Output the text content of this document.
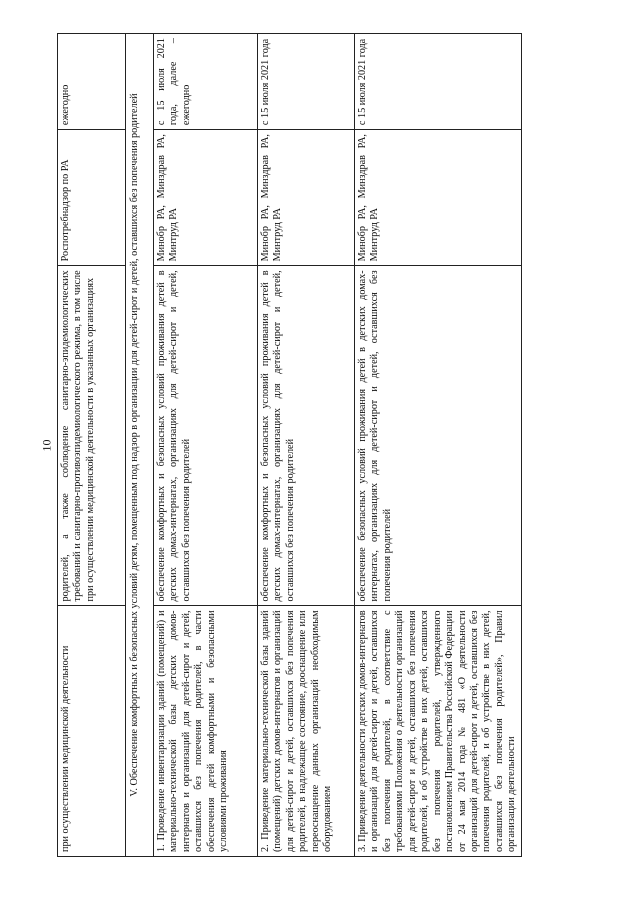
10
при осуществлении медицинской деятельности	родителей, а также соблюдение санитарно-эпидемиологических требований и санитарно-противоэпидемиологического режима, в том числе при осуществлении медицинской деятельности в указанных организациях	Роспотребнадзор по РА	ежегодно
V. Обеспечение комфортных и безопасных условий детям, помещенным под надзор в организации для детей-сирот и детей, оставшихся без попечения родителей			
1. Проведение инвентаризации зданий (помещений) и материально-технической базы детских домов-интернатов и организаций для детей-сирот и детей, оставшихся без попечения родителей, в части обеспечения детей комфортными и безопасными условиями проживания	обеспечение комфортных и безопасных условий проживания детей в детских домах-интернатах, организациях для детей-сирот и детей, оставшихся без попечения родителей	Минобр РА, Минздрав РА, Минтруд РА	с 15 июля 2021 года, далее – ежегодно
2. Приведение материально-технической базы зданий (помещений) детских домов-интернатов и организаций для детей-сирот и детей, оставшихся без попечения родителей, в надлежащее состояние, дооснащение или переоснащение данных организаций необходимым оборудованием	обеспечение комфортных и безопасных условий проживания детей в детских домах-интернатах, организациях для детей-сирот и детей, оставшихся без попечения родителей	Минобр РА, Минздрав РА, Минтруд РА	с 15 июля 2021 года
3. Приведение деятельности детских домов-интернатов и организаций для детей-сирот и детей, оставшихся без попечения родителей, в соответствие с требованиями Положения о деятельности организаций для детей-сирот и детей, оставшихся без попечения родителей, и об устройстве в них детей, оставшихся без попечения родителей, утвержденного постановлением Правительства Российской Федерации от 24 мая 2014 года № 481 «О деятельности организаций для детей-сирот и детей, оставшихся без попечения родителей, и об устройстве в них детей, оставшихся без попечения родителей», Правил организации деятельности	обеспечение безопасных условий проживания детей в детских домах-интернатах, организациях для детей-сирот и детей, оставшихся без попечения родителей	Минобр РА, Минздрав РА, Минтруд РА	с 15 июля 2021 года
